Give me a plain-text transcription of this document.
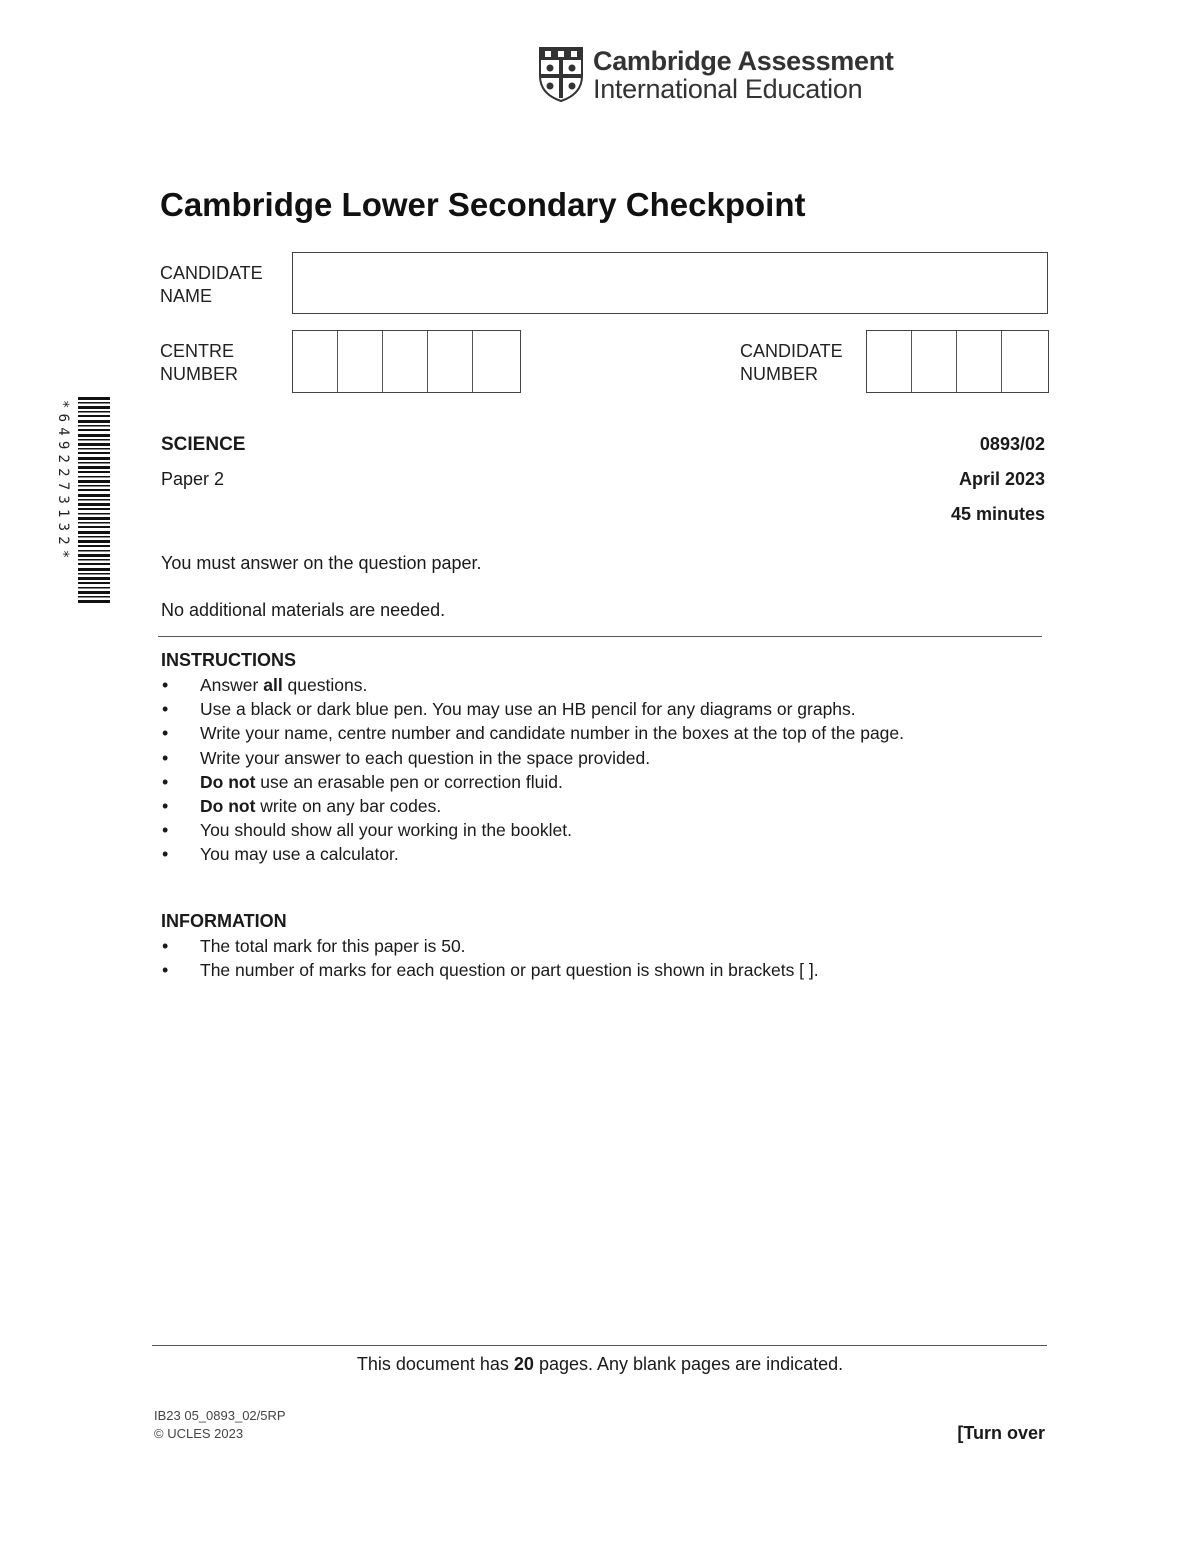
Cambridge Assessment
International Education
Cambridge Lower Secondary Checkpoint
CANDIDATE
NAME
CENTRE
NUMBER
CANDIDATE
NUMBER
*6492273132*	SCIENCE
Paper 2
0893/02
April 2023
45 minutes
You must answer on the question paper.
No additional materials are needed.
INSTRUCTIONS
• Answer all questions.
• Use a black or dark blue pen. You may use an HB pencil for any diagrams or graphs.
• Write your name, centre number and candidate number in the boxes at the top of the page.
• Write your answer to each question in the space provided.
• Do not use an erasable pen or correction fluid.
• Do not write on any bar codes.
• You should show all your working in the booklet.
• You may use a calculator.
INFORMATION
• The total mark for this paper is 50.
• The number of marks for each question or part question is shown in brackets [ ].
This document has 20 pages. Any blank pages are indicated.
IB23 05_0893_02/5RP
© UCLES 2023	[Turn over
